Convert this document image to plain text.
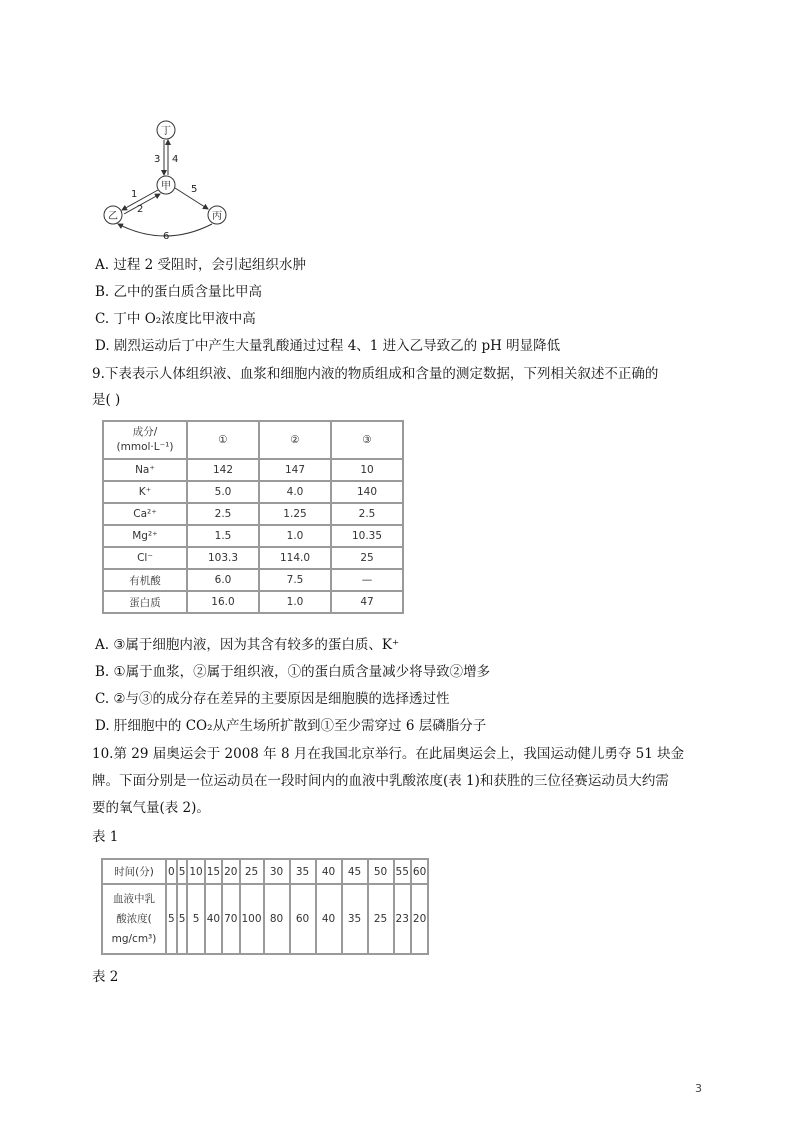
丁
甲
乙	丙
3 4
1
2
5
6
A. 过程 2 受阻时，会引起组织水肿
B. 乙中的蛋白质含量比甲高
C. 丁中 O₂浓度比甲液中高
D. 剧烈运动后丁中产生大量乳酸通过过程 4、1 进入乙导致乙的 pH 明显降低
9.下表表示人体组织液、血浆和细胞内液的物质组成和含量的测定数据，下列相关叙述不正确的
是( )
成分/
(mmol·L⁻¹)	①	②	③
Na⁺	142	147	10
K⁺	5.0	4.0	140
Ca²⁺	2.5	1.25	2.5
Mg²⁺	1.5	1.0	10.35
Cl⁻	103.3	114.0	25
有机酸	6.0	7.5	—
蛋白质	16.0	1.0	47
A. ③属于细胞内液，因为其含有较多的蛋白质、K⁺
B. ①属于血浆，②属于组织液，①的蛋白质含量减少将导致②增多
C. ②与③的成分存在差异的主要原因是细胞膜的选择透过性
D. 肝细胞中的 CO₂从产生场所扩散到①至少需穿过 6 层磷脂分子
10.第 29 届奥运会于 2008 年 8 月在我国北京举行。在此届奥运会上，我国运动健儿勇夺 51 块金
牌。下面分别是一位运动员在一段时间内的血液中乳酸浓度(表 1)和获胜的三位径赛运动员大约需
要的氧气量(表 2)。
表 1
时间(分)	0	5	10	15	20	25	30	35	40	45	50	55	60
血液中乳
酸浓度(
mg/cm³)	5	5	5	40	70	100	80	60	40	35	25	23	20
表 2
3
